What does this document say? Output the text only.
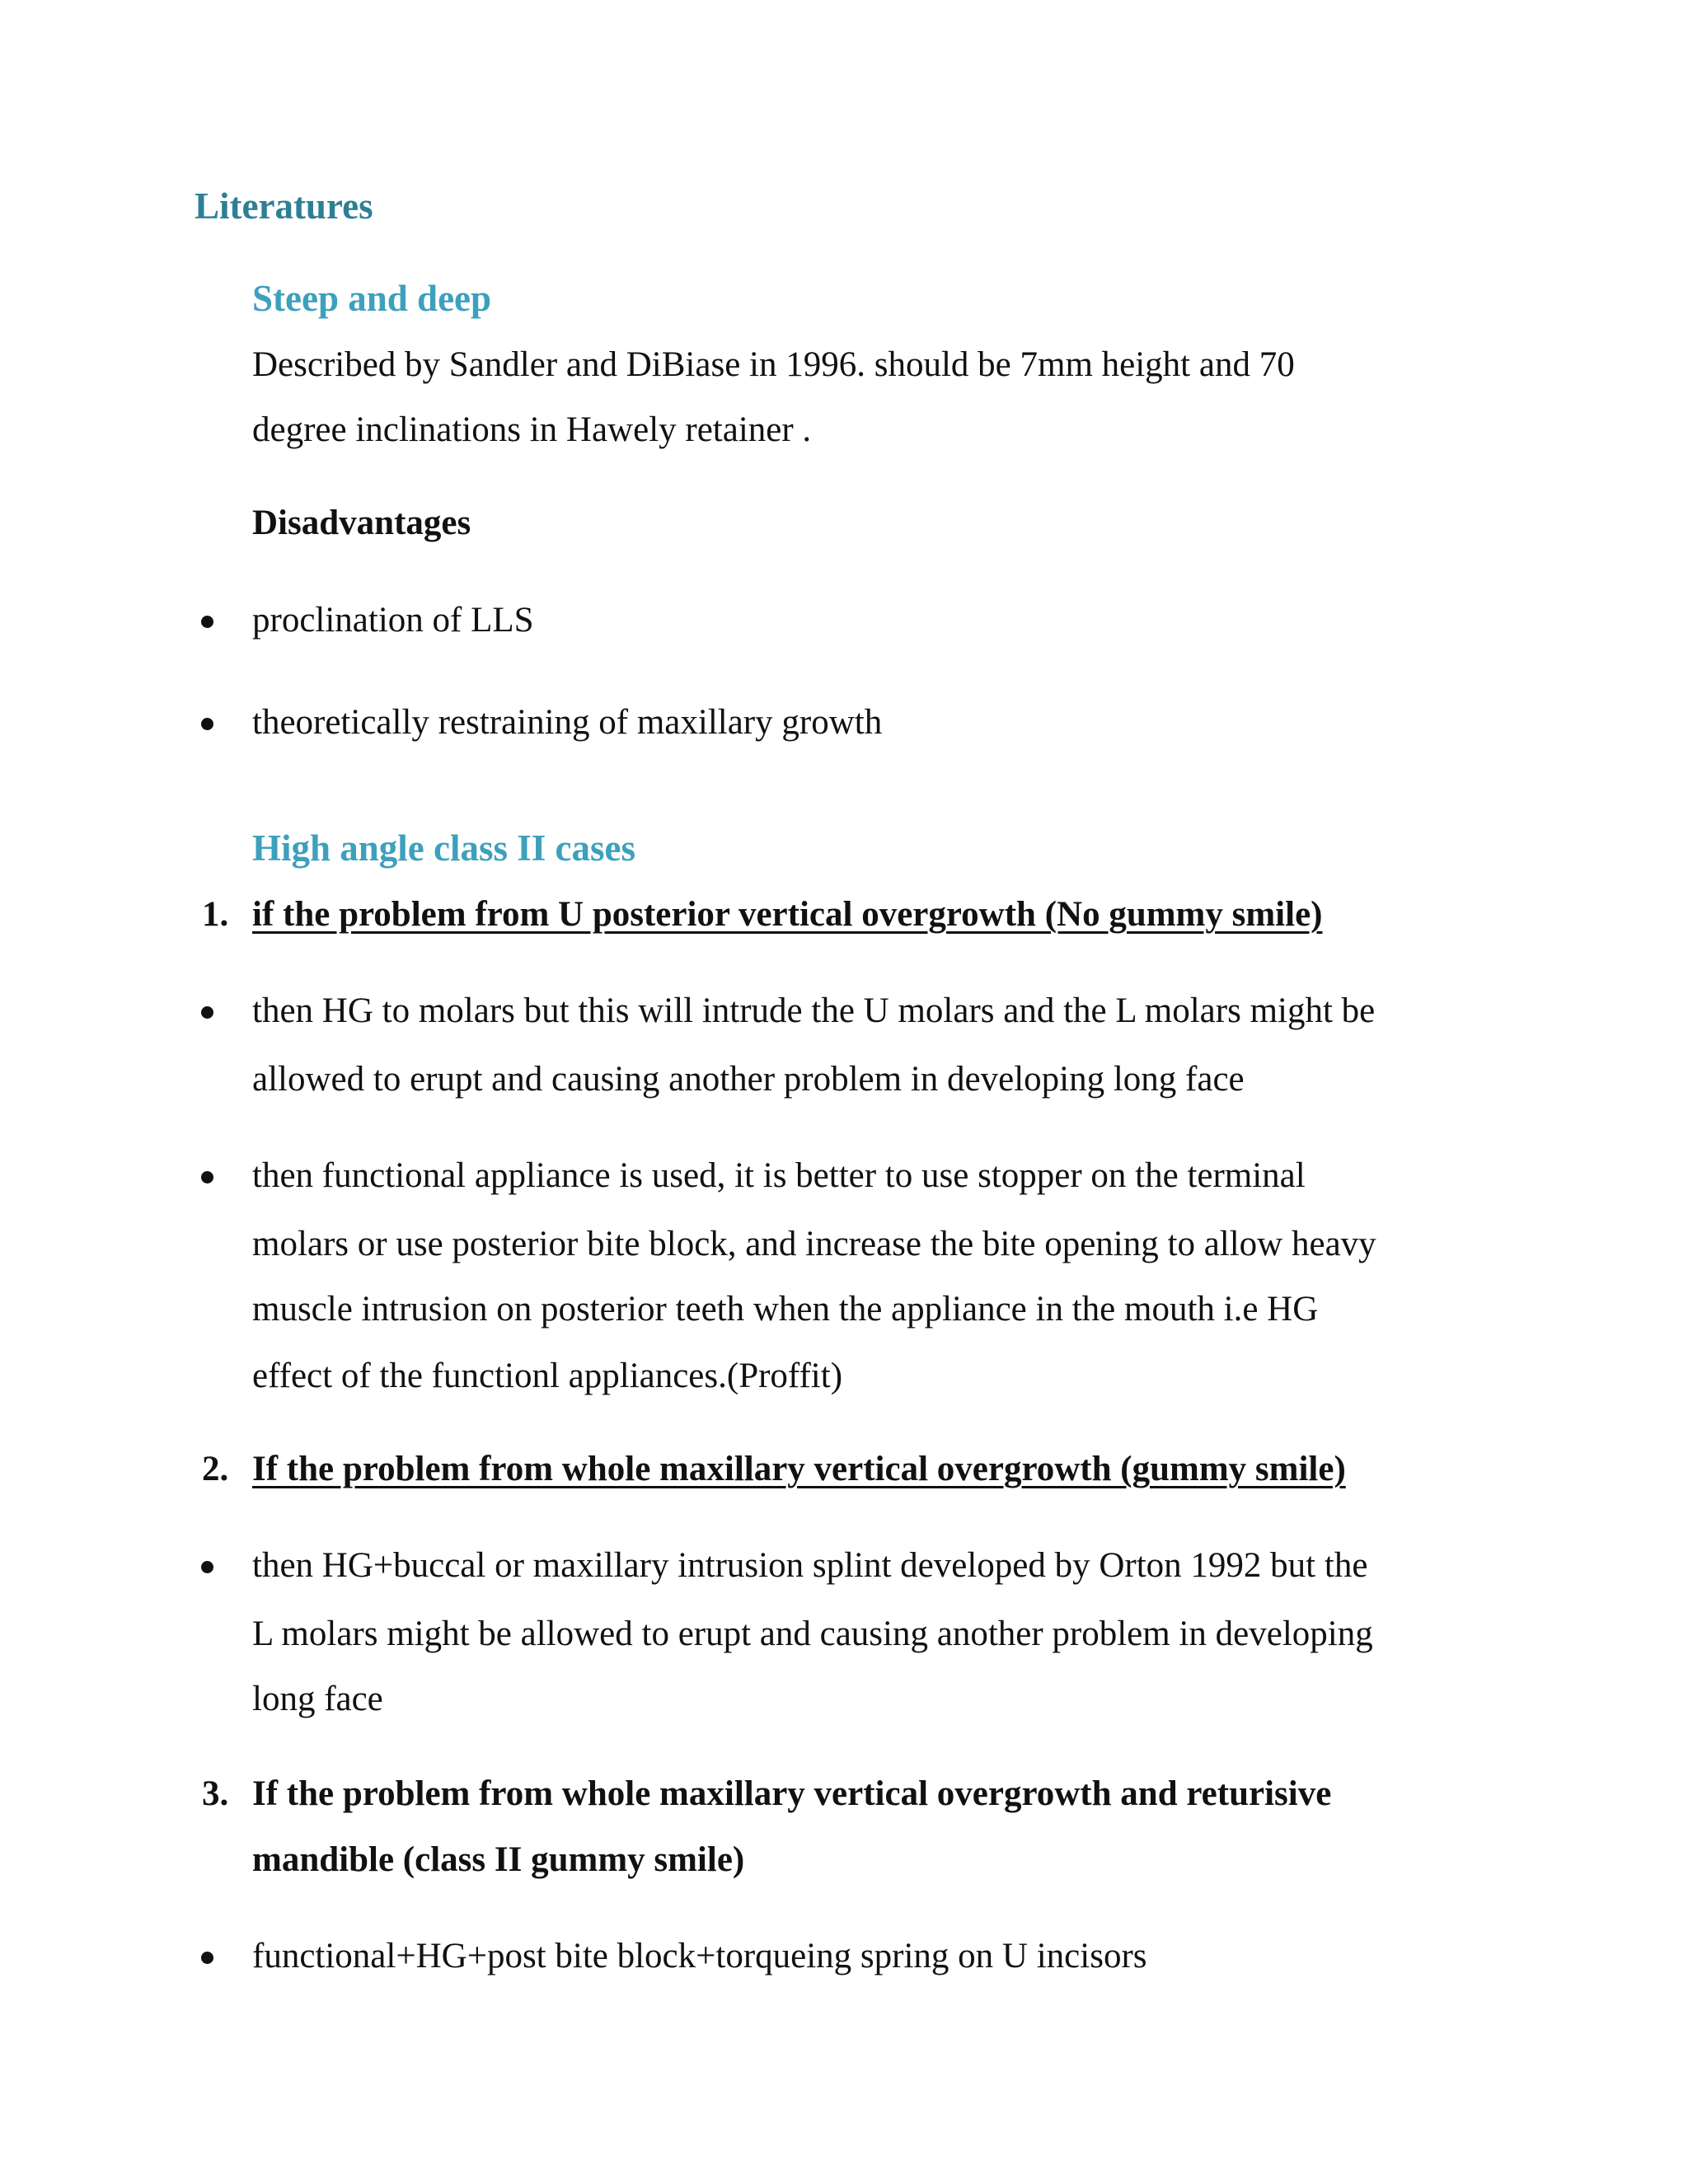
Literatures

Steep and deep

Described by Sandler and DiBiase in 1996. should be 7mm height and 70

degree inclinations in Hawely retainer .

Disadvantages

proclination of LLS

theoretically restraining of maxillary growth

High angle class II cases

1. if the problem from U posterior vertical overgrowth (No gummy smile)

then HG to molars but this will intrude the U molars and the L molars might be

allowed to erupt and causing another problem in developing long face

then functional appliance is used, it is better to use stopper on the terminal

molars or use posterior bite block, and increase the bite opening to allow heavy

muscle intrusion on posterior teeth when the appliance in the mouth i.e HG

effect of the functionl appliances.(Proffit)

2. If the problem from whole maxillary vertical overgrowth (gummy smile)

then HG+buccal or maxillary intrusion splint developed by Orton 1992 but the

L molars might be allowed to erupt and causing another problem in developing

long face

3. If the problem from whole maxillary vertical overgrowth and returisive

mandible (class II gummy smile)

functional+HG+post bite block+torqueing spring on U incisors
